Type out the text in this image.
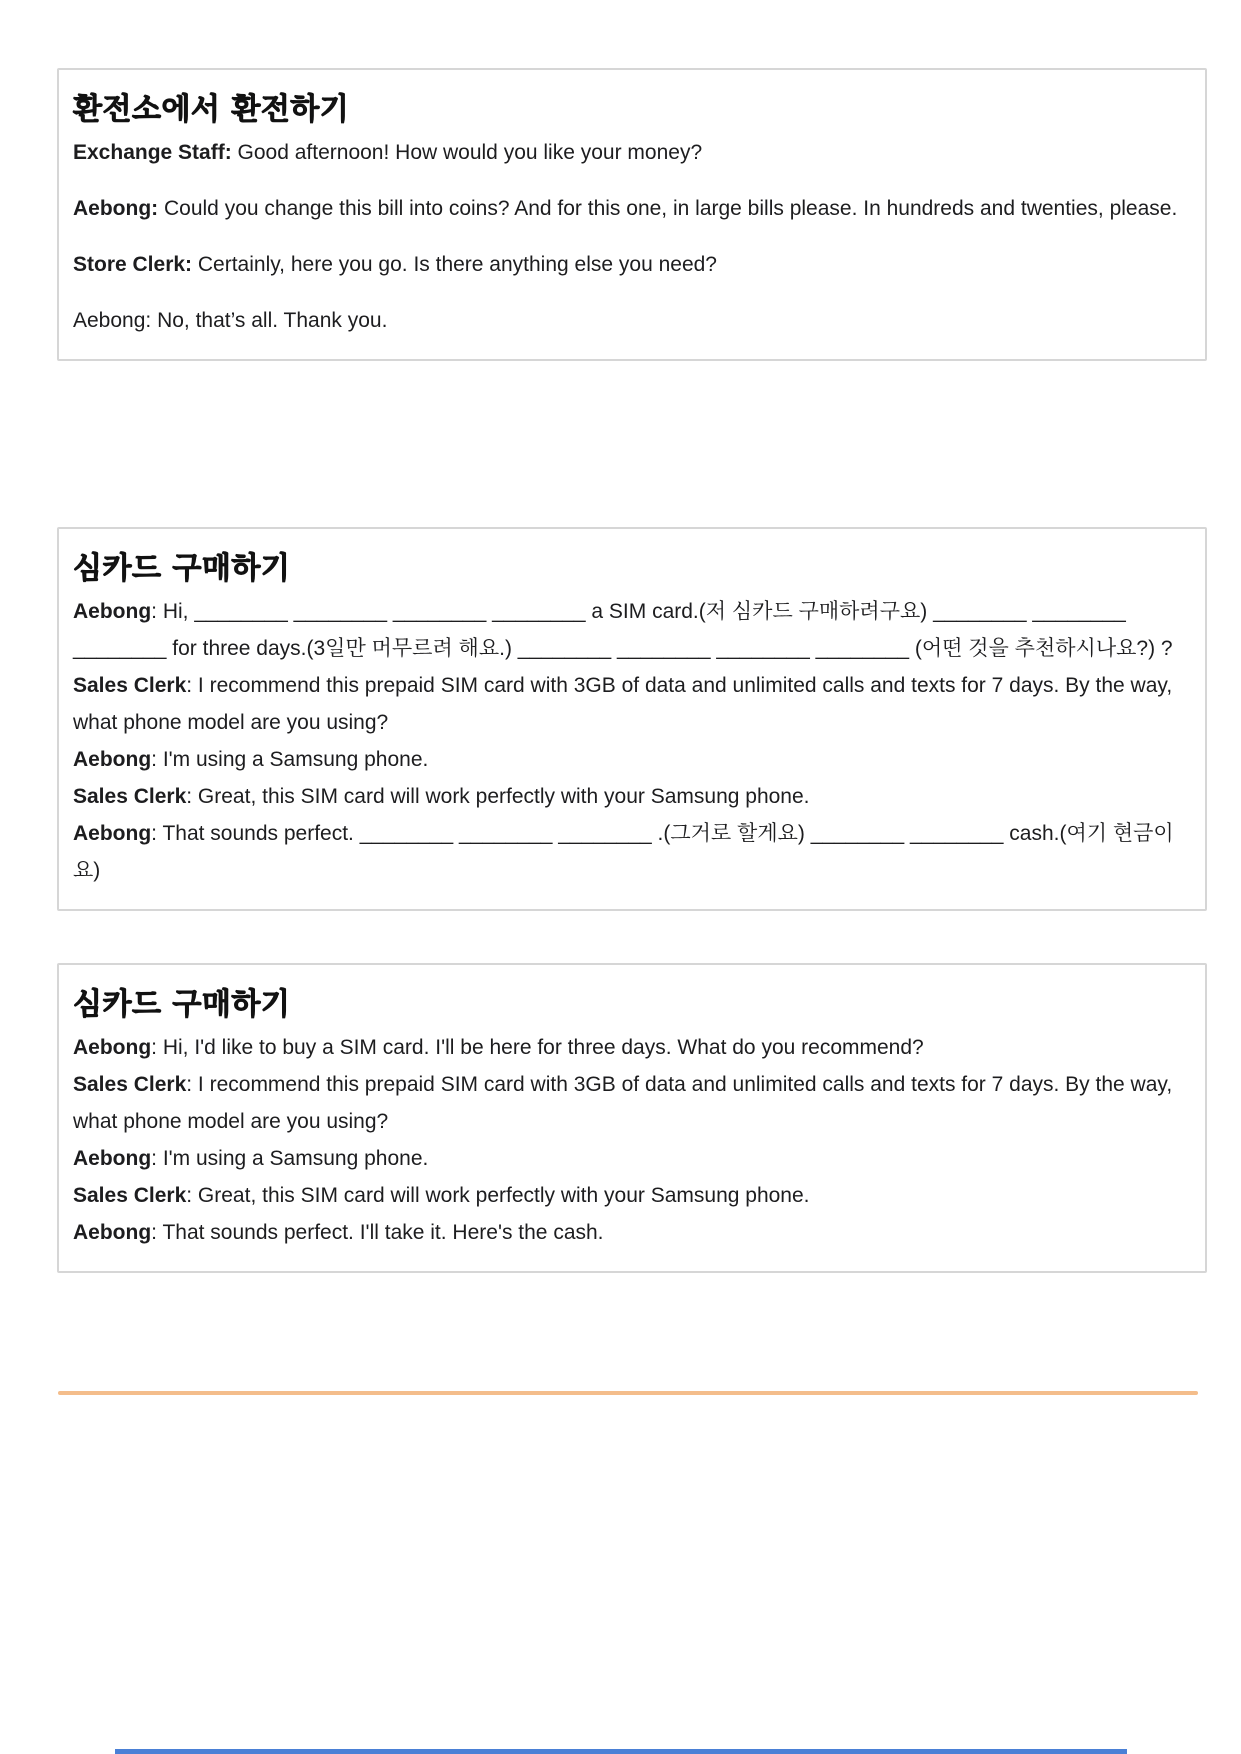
환전소에서 환전하기

Exchange Staff: Good afternoon! How would you like your money?

Aebong: Could you change this bill into coins? And for this one, in large bills please. In hundreds and twenties, please.

Store Clerk: Certainly, here you go. Is there anything else you need?

Aebong: No, that’s all. Thank you.

심카드 구매하기

Aebong: Hi, ________ ________ ________ ________ a SIM card.(저 심카드 구매하려구요) ________ ________ ________ for three days.(3일만 머무르려 해요.) ________ ________ ________ ________ (어떤 것을 추천하시나요?) ?

Sales Clerk: I recommend this prepaid SIM card with 3GB of data and unlimited calls and texts for 7 days. By the way, what phone model are you using?

Aebong: I'm using a Samsung phone.

Sales Clerk: Great, this SIM card will work perfectly with your Samsung phone.

Aebong: That sounds perfect. ________ ________ ________ .(그거로 할게요) ________ ________ cash.(여기 현금이요)

심카드 구매하기

Aebong: Hi, I'd like to buy a SIM card. I'll be here for three days. What do you recommend?

Sales Clerk: I recommend this prepaid SIM card with 3GB of data and unlimited calls and texts for 7 days. By the way, what phone model are you using?

Aebong: I'm using a Samsung phone.

Sales Clerk: Great, this SIM card will work perfectly with your Samsung phone.

Aebong: That sounds perfect. I'll take it. Here's the cash.
